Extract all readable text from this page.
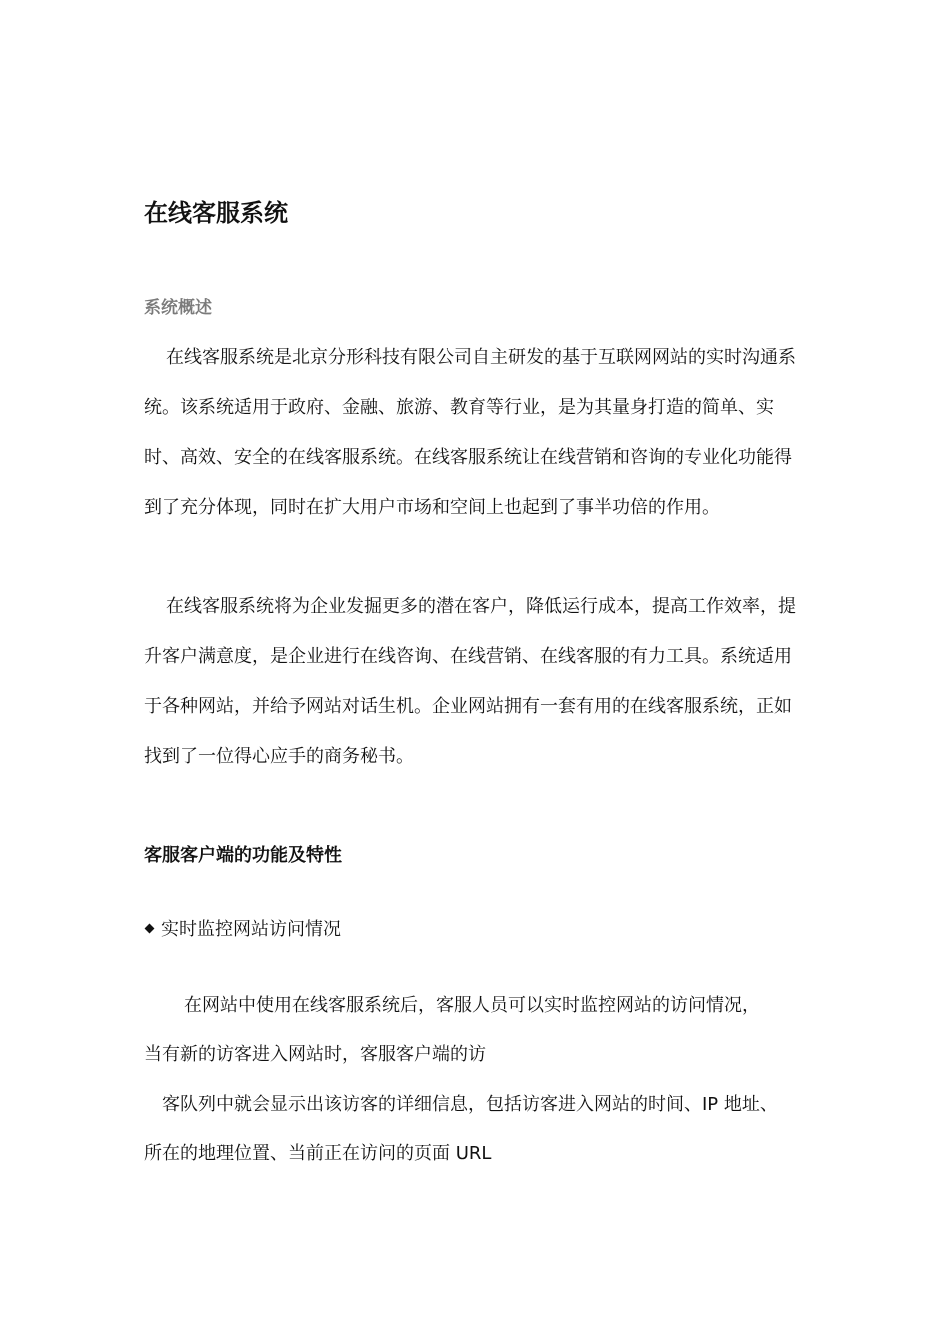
在线客服系统
系统概述

在线客服系统是北京分形科技有限公司自主研发的基于互联网网站的实时沟通系统。该系统适用于政府、金融、旅游、教育等行业，是为其量身打造的简单、实时、高效、安全的在线客服系统。在线客服系统让在线营销和咨询的专业化功能得到了充分体现，同时在扩大用户市场和空间上也起到了事半功倍的作用。

在线客服系统将为企业发掘更多的潜在客户，降低运行成本，提高工作效率，提升客户满意度，是企业进行在线咨询、在线营销、在线客服的有力工具。系统适用于各种网站，并给予网站对话生机。企业网站拥有一套有用的在线客服系统，正如找到了一位得心应手的商务秘书。

客服客户端的功能及特性
实时监控网站访问情况

在网站中使用在线客服系统后，客服人员可以实时监控网站的访问情况，

当有新的访客进入网站时，客服客户端的访

客队列中就会显示出该访客的详细信息，包括访客进入网站的时间、IP 地址、

所在的地理位置、当前正在访问的页面 URL
